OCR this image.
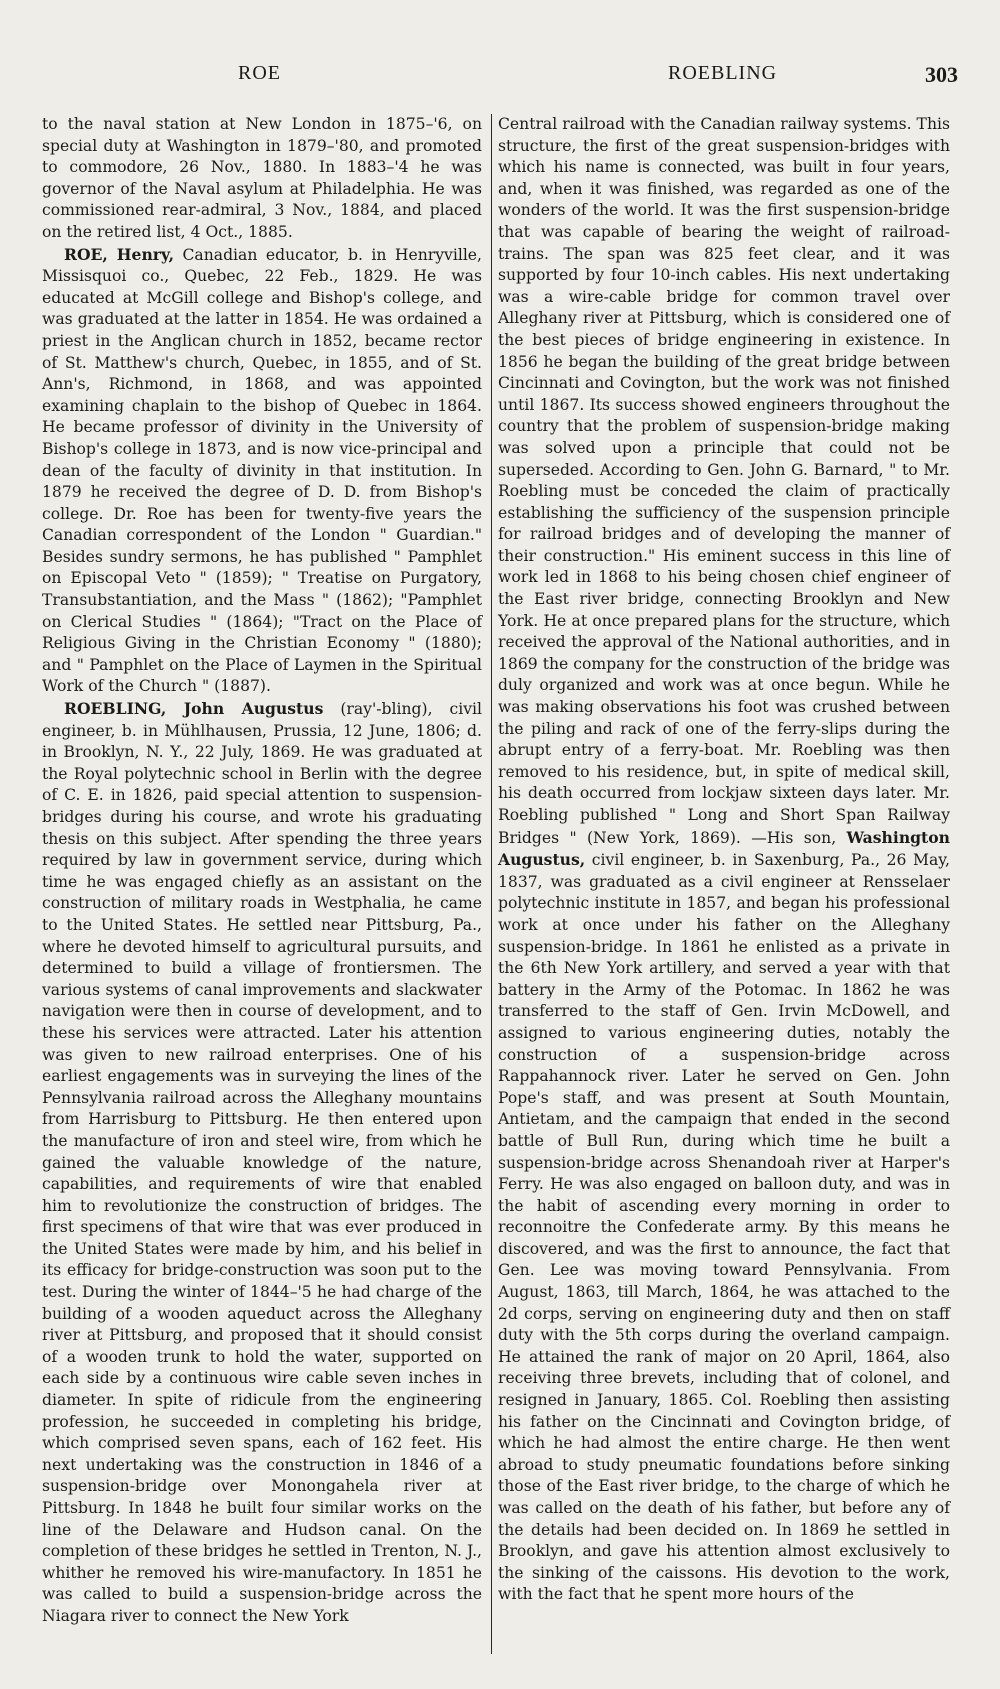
ROE	ROEBLING	303

to the naval station at New London in 1875–'6, on special duty at Washington in 1879–'80, and promoted to commodore, 26 Nov., 1880. In 1883–'4 he was governor of the Naval asylum at Philadelphia. He was commissioned rear-admiral, 3 Nov., 1884, and placed on the retired list, 4 Oct., 1885.

ROE, Henry, Canadian educator, b. in Henryville, Missisquoi co., Quebec, 22 Feb., 1829. He was educated at McGill college and Bishop's college, and was graduated at the latter in 1854. He was ordained a priest in the Anglican church in 1852, became rector of St. Matthew's church, Quebec, in 1855, and of St. Ann's, Richmond, in 1868, and was appointed examining chaplain to the bishop of Quebec in 1864. He became professor of divinity in the University of Bishop's college in 1873, and is now vice-principal and dean of the faculty of divinity in that institution. In 1879 he received the degree of D. D. from Bishop's college. Dr. Roe has been for twenty-five years the Canadian correspondent of the London " Guardian." Besides sundry sermons, he has published " Pamphlet on Episcopal Veto " (1859); " Treatise on Purgatory, Transubstantiation, and the Mass " (1862); "Pamphlet on Clerical Studies " (1864); "Tract on the Place of Religious Giving in the Christian Economy " (1880); and " Pamphlet on the Place of Laymen in the Spiritual Work of the Church " (1887).

ROEBLING, John Augustus (ray'-bling), civil engineer, b. in Mühlhausen, Prussia, 12 June, 1806; d. in Brooklyn, N. Y., 22 July, 1869. He was graduated at the Royal polytechnic school in Berlin with the degree of C. E. in 1826, paid special attention to suspension-bridges during his course, and wrote his graduating thesis on this subject. After spending the three years required by law in government service, during which time he was engaged chiefly as an assistant on the construction of military roads in Westphalia, he came to the United States. He settled near Pittsburg, Pa., where he devoted himself to agricultural pursuits, and determined to build a village of frontiersmen. The various systems of canal improvements and slackwater navigation were then in course of development, and to these his services were attracted. Later his attention was given to new railroad enterprises. One of his earliest engagements was in surveying the lines of the Pennsylvania railroad across the Alleghany mountains from Harrisburg to Pittsburg. He then entered upon the manufacture of iron and steel wire, from which he gained the valuable knowledge of the nature, capabilities, and requirements of wire that enabled him to revolutionize the construction of bridges. The first specimens of that wire that was ever produced in the United States were made by him, and his belief in its efficacy for bridge-construction was soon put to the test. During the winter of 1844–'5 he had charge of the building of a wooden aqueduct across the Alleghany river at Pittsburg, and proposed that it should consist of a wooden trunk to hold the water, supported on each side by a continuous wire cable seven inches in diameter. In spite of ridicule from the engineering profession, he succeeded in completing his bridge, which comprised seven spans, each of 162 feet. His next undertaking was the construction in 1846 of a suspension-bridge over Monongahela river at Pittsburg. In 1848 he built four similar works on the line of the Delaware and Hudson canal. On the completion of these bridges he settled in Trenton, N. J., whither he removed his wire-manufactory. In 1851 he was called to build a suspension-bridge across the Niagara river to connect the New York

Central railroad with the Canadian railway systems. This structure, the first of the great suspension-bridges with which his name is connected, was built in four years, and, when it was finished, was regarded as one of the wonders of the world. It was the first suspension-bridge that was capable of bearing the weight of railroad-trains. The span was 825 feet clear, and it was supported by four 10-inch cables. His next undertaking was a wire-cable bridge for common travel over Alleghany river at Pittsburg, which is considered one of the best pieces of bridge engineering in existence. In 1856 he began the building of the great bridge between Cincinnati and Covington, but the work was not finished until 1867. Its success showed engineers throughout the country that the problem of suspension-bridge making was solved upon a principle that could not be superseded. According to Gen. John G. Barnard, " to Mr. Roebling must be conceded the claim of practically establishing the sufficiency of the suspension principle for railroad bridges and of developing the manner of their construction." His eminent success in this line of work led in 1868 to his being chosen chief engineer of the East river bridge, connecting Brooklyn and New York. He at once prepared plans for the structure, which received the approval of the National authorities, and in 1869 the company for the construction of the bridge was duly organized and work was at once begun. While he was making observations his foot was crushed between the piling and rack of one of the ferry-slips during the abrupt entry of a ferry-boat. Mr. Roebling was then removed to his residence, but, in spite of medical skill, his death occurred from lockjaw sixteen days later. Mr. Roebling published " Long and Short Span Railway Bridges " (New York, 1869). —His son, Washington Augustus, civil engineer, b. in Saxenburg, Pa., 26 May, 1837, was graduated as a civil engineer at Rensselaer polytechnic institute in 1857, and began his professional work at once under his father on the Alleghany suspension-bridge. In 1861 he enlisted as a private in the 6th New York artillery, and served a year with that battery in the Army of the Potomac. In 1862 he was transferred to the staff of Gen. Irvin McDowell, and assigned to various engineering duties, notably the construction of a suspension-bridge across Rappahannock river. Later he served on Gen. John Pope's staff, and was present at South Mountain, Antietam, and the campaign that ended in the second battle of Bull Run, during which time he built a suspension-bridge across Shenandoah river at Harper's Ferry. He was also engaged on balloon duty, and was in the habit of ascending every morning in order to reconnoitre the Confederate army. By this means he discovered, and was the first to announce, the fact that Gen. Lee was moving toward Pennsylvania. From August, 1863, till March, 1864, he was attached to the 2d corps, serving on engineering duty and then on staff duty with the 5th corps during the overland campaign. He attained the rank of major on 20 April, 1864, also receiving three brevets, including that of colonel, and resigned in January, 1865. Col. Roebling then assisting his father on the Cincinnati and Covington bridge, of which he had almost the entire charge. He then went abroad to study pneumatic foundations before sinking those of the East river bridge, to the charge of which he was called on the death of his father, but before any of the details had been decided on. In 1869 he settled in Brooklyn, and gave his attention almost exclusively to the sinking of the caissons. His devotion to the work, with the fact that he spent more hours of the
